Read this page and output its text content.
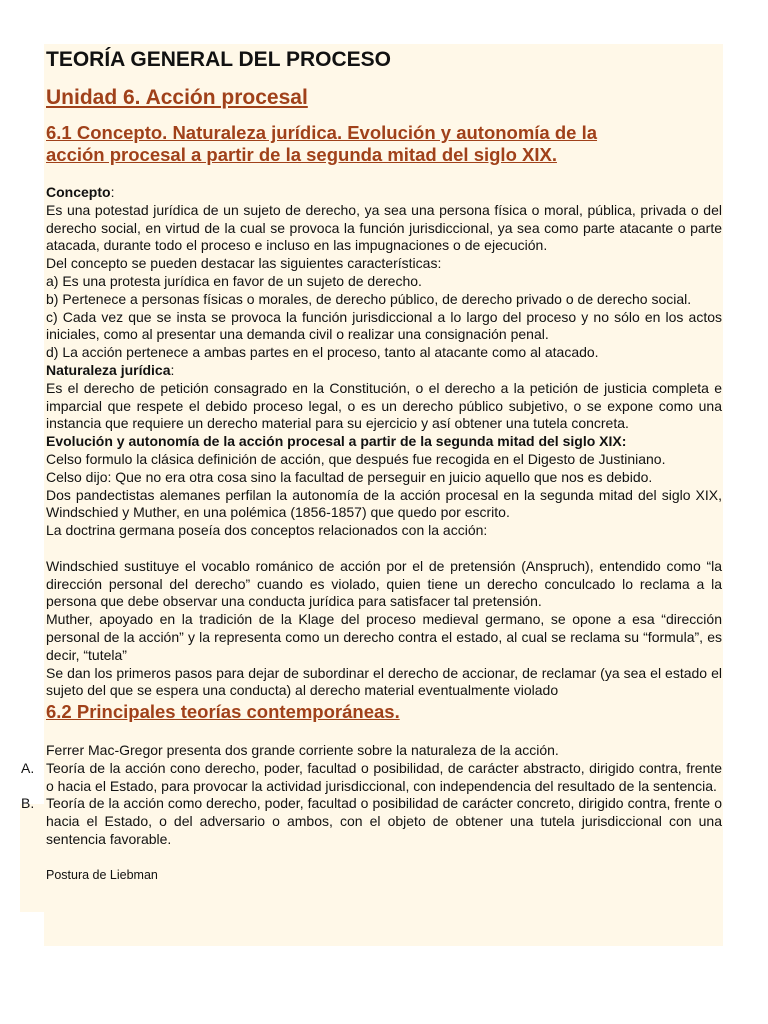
TEORÍA GENERAL DEL PROCESO
Unidad 6. Acción procesal
6.1 Concepto. Naturaleza jurídica. Evolución y autonomía de la
acción procesal a partir de la segunda mitad del siglo XIX.

Concepto:

Es una potestad jurídica de un sujeto de derecho, ya sea una persona física o moral, pública, privada o del derecho social, en virtud de la cual se provoca la función jurisdiccional, ya sea como parte atacante o parte atacada, durante todo el proceso e incluso en las impugnaciones o de ejecución.

Del concepto se pueden destacar las siguientes características:

a) Es una protesta jurídica en favor de un sujeto de derecho.

b) Pertenece a personas físicas o morales, de derecho público, de derecho privado o de derecho social.

c) Cada vez que se insta se provoca la función jurisdiccional a lo largo del proceso y no sólo en los actos iniciales, como al presentar una demanda civil o realizar una consignación penal.

d) La acción pertenece a ambas partes en el proceso, tanto al atacante como al atacado.

Naturaleza jurídica:

Es el derecho de petición consagrado en la Constitución, o el derecho a la petición de justicia completa e imparcial que respete el debido proceso legal, o es un derecho público subjetivo, o se expone como una instancia que requiere un derecho material para su ejercicio y así obtener una tutela concreta.

Evolución y autonomía de la acción procesal a partir de la segunda mitad del siglo XIX:

Celso formulo la clásica definición de acción, que después fue recogida en el Digesto de Justiniano.

Celso dijo: Que no era otra cosa sino la facultad de perseguir en juicio aquello que nos es debido.

Dos pandectistas alemanes perfilan la autonomía de la acción procesal en la segunda mitad del siglo XIX, Windschied y Muther, en una polémica (1856-1857) que quedo por escrito.

La doctrina germana poseía dos conceptos relacionados con la acción:

Windschied sustituye el vocablo románico de acción por el de pretensión (Anspruch), entendido como “la dirección personal del derecho” cuando es violado, quien tiene un derecho conculcado lo reclama a la persona que debe observar una conducta jurídica para satisfacer tal pretensión.

Muther, apoyado en la tradición de la Klage del proceso medieval germano, se opone a esa “dirección personal de la acción” y la representa como un derecho contra el estado, al cual se reclama su “formula”, es decir, “tutela”

Se dan los primeros pasos para dejar de subordinar el derecho de accionar, de reclamar (ya sea el estado el sujeto del que se espera una conducta) al derecho material eventualmente violado

6.2 Principales teorías contemporáneas.

Ferrer Mac-Gregor presenta dos grande corriente sobre la naturaleza de la acción.

A. Teoría de la acción cono derecho, poder, facultad o posibilidad, de carácter abstracto, dirigido contra, frente o hacia el Estado, para provocar la actividad jurisdiccional, con independencia del resultado de la sentencia.
B. Teoría de la acción como derecho, poder, facultad o posibilidad de carácter concreto, dirigido contra, frente o hacia el Estado, o del adversario o ambos, con el objeto de obtener una tutela jurisdiccional con una sentencia favorable.

Postura de Liebman
